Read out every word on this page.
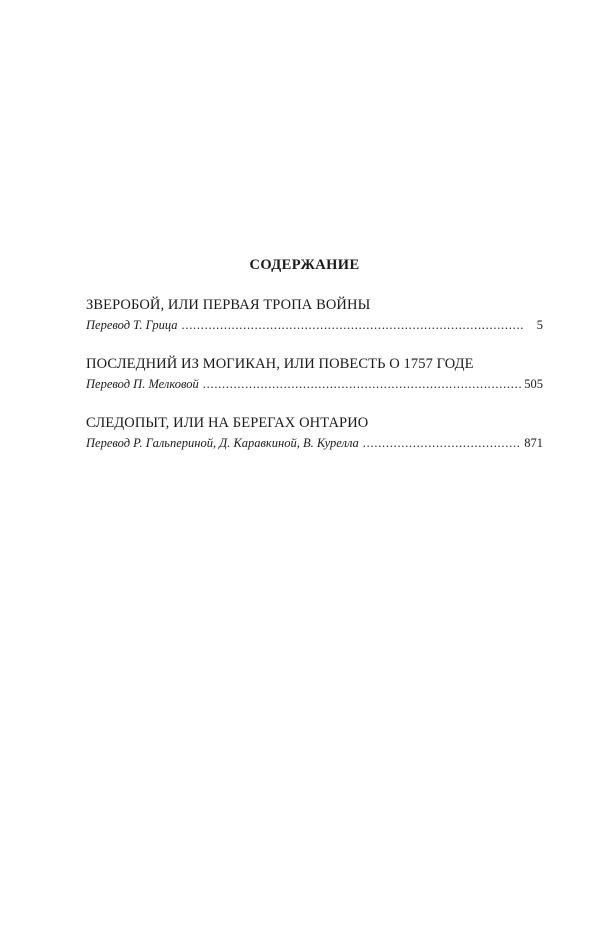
СОДЕРЖАНИЕ
ЗВЕРОБОЙ, ИЛИ ПЕРВАЯ ТРОПА ВОЙНЫ
Перевод Т. Грица . . .	5
ПОСЛЕДНИЙ ИЗ МОГИКАН, ИЛИ ПОВЕСТЬ О 1757 ГОДЕ
Перевод П. Мелковой . . .	505
СЛЕДОПЫТ, ИЛИ НА БЕРЕГАХ ОНТАРИО
Перевод Р. Гальпериной, Д. Каравкиной, В. Курелла . . .	871
